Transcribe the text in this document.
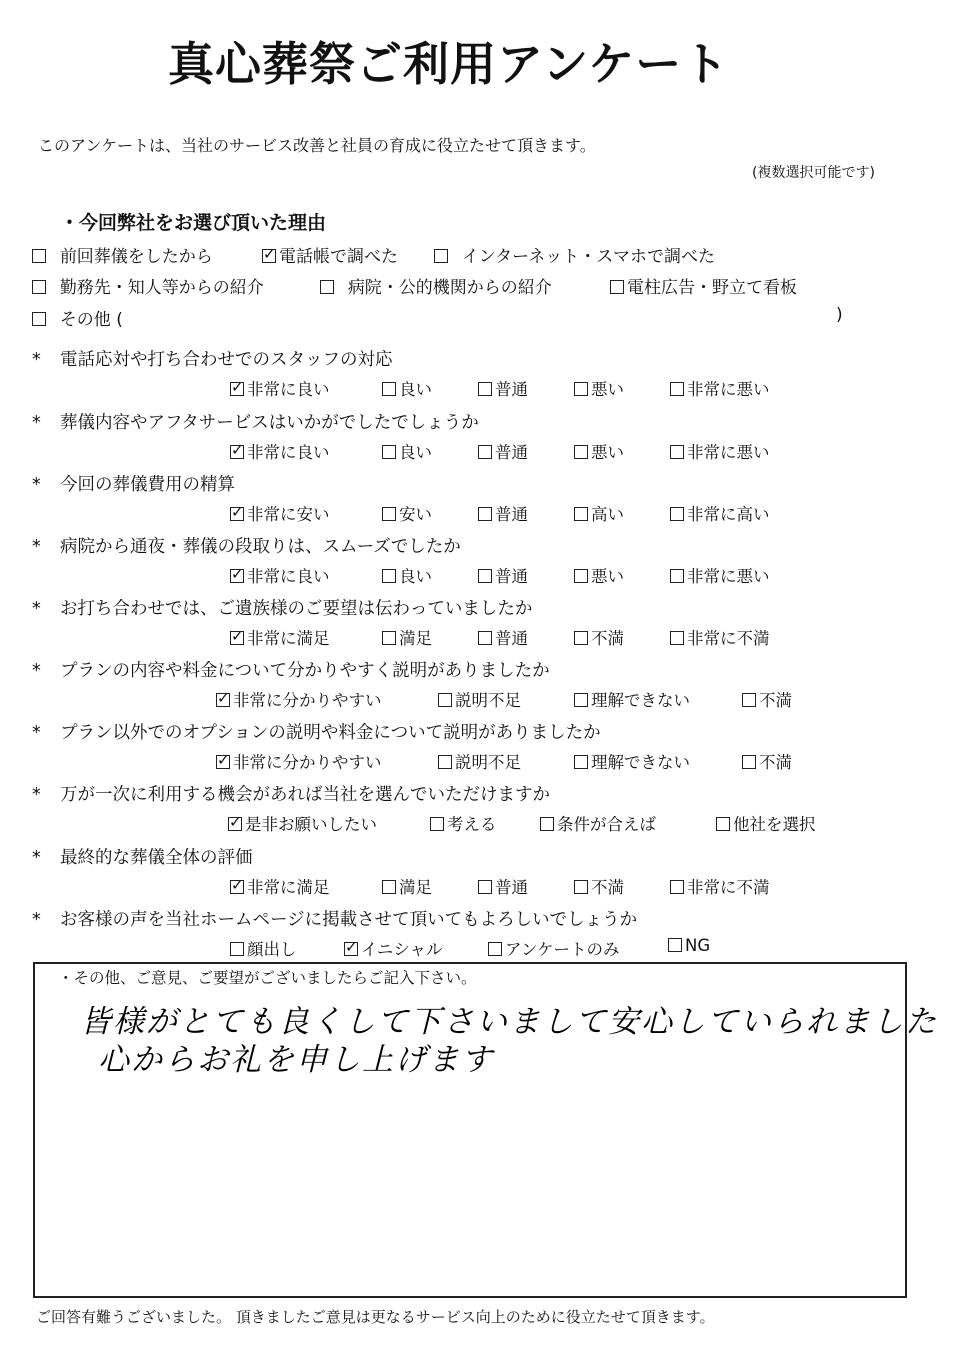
真心葬祭ご利用アンケート
このアンケートは、当社のサービス改善と社員の育成に役立たせて頂きます。
(複数選択可能です)
・今回弊社をお選び頂いた理由
前回葬儀をしたから ✓	電話帳で調べた	インターネット・スマホで調べた
勤務先・知人等からの紹介	病院・公的機関からの紹介	電柱広告・野立て看板
その他 (	)
* 電話応対や打ち合わせでのスタッフの対応
✓非常に良い	良い	普通	悪い	非常に悪い
* 葬儀内容やアフタサービスはいかがでしたでしょうか
✓非常に良い	良い	普通	悪い	非常に悪い
* 今回の葬儀費用の精算
✓非常に安い	安い	普通	高い	非常に高い
* 病院から通夜・葬儀の段取りは、スムーズでしたか
✓非常に良い	良い	普通	悪い	非常に悪い
* お打ち合わせでは、ご遺族様のご要望は伝わっていましたか
✓非常に満足	満足	普通	不満	非常に不満
* プランの内容や料金について分かりやすく説明がありましたか
✓非常に分かりやすい	説明不足	理解できない	不満
* プラン以外でのオプションの説明や料金について説明がありましたか
✓非常に分かりやすい	説明不足	理解できない	不満
* 万が一次に利用する機会があれば当社を選んでいただけますか
✓是非お願いしたい	考える	条件が合えば	他社を選択
* 最終的な葬儀全体の評価
✓非常に満足	満足	普通	不満	非常に不満
* お客様の声を当社ホームページに掲載させて頂いてもよろしいでしょうか
顔出し ✓	イニシャル	アンケートのみ	NG
・その他、ご意見、ご要望がございましたらご記入下さい。
皆様がとても良くして下さいまして安心していられました
心からお礼を申し上げます
ご回答有難うございました。 頂きましたご意見は更なるサービス向上のために役立たせて頂きます。
